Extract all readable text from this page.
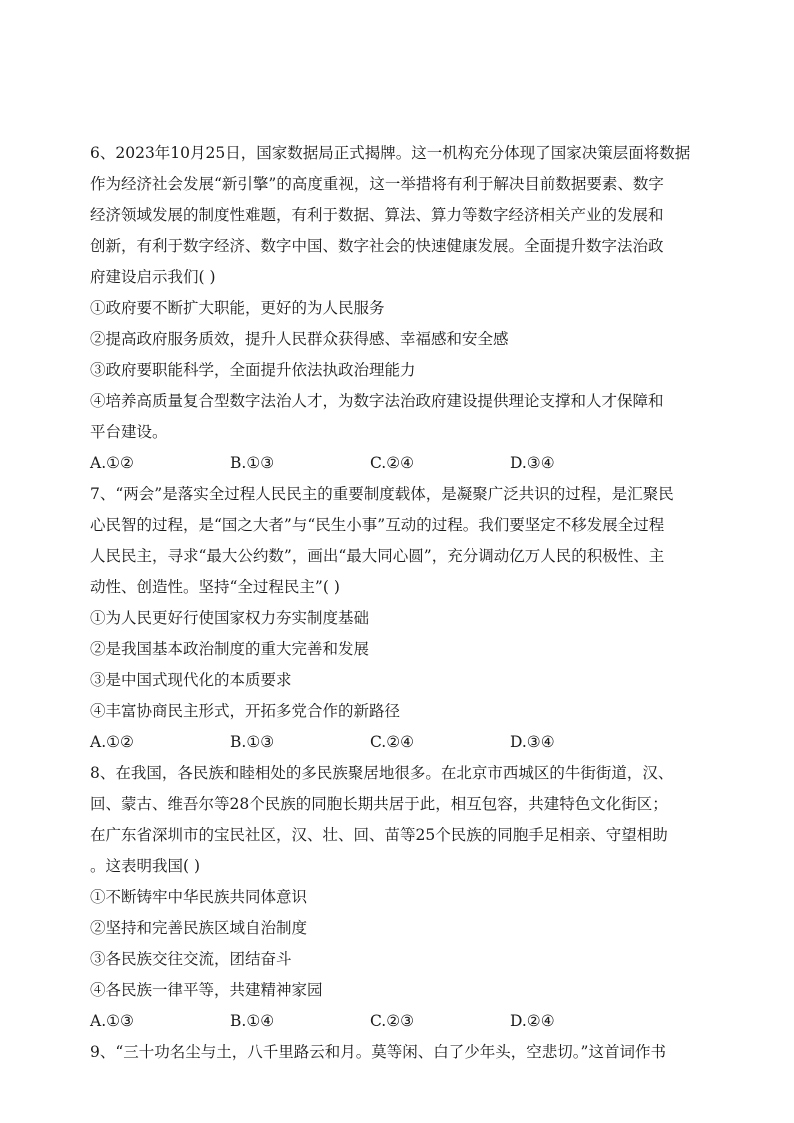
6、2023年10月25日，国家数据局正式揭牌。这一机构充分体现了国家决策层面将数据
作为经济社会发展“新引擎”的高度重视，这一举措将有利于解决目前数据要素、数字
经济领域发展的制度性难题，有利于数据、算法、算力等数字经济相关产业的发展和
创新，有利于数字经济、数字中国、数字社会的快速健康发展。全面提升数字法治政
府建设启示我们( )
①政府要不断扩大职能，更好的为人民服务
②提高政府服务质效，提升人民群众获得感、幸福感和安全感
③政府要职能科学，全面提升依法执政治理能力
④培养高质量复合型数字法治人才，为数字法治政府建设提供理论支撑和人才保障和
平台建设。
A.①②	B.①③	C.②④	D.③④
7、“两会”是落实全过程人民民主的重要制度载体，是凝聚广泛共识的过程，是汇聚民
心民智的过程，是“国之大者”与“民生小事”互动的过程。我们要坚定不移发展全过程
人民民主，寻求“最大公约数”，画出“最大同心圆”，充分调动亿万人民的积极性、主
动性、创造性。坚持“全过程民主”( )
①为人民更好行使国家权力夯实制度基础
②是我国基本政治制度的重大完善和发展
③是中国式现代化的本质要求
④丰富协商民主形式，开拓多党合作的新路径
A.①②	B.①③	C.②④	D.③④
8、在我国，各民族和睦相处的多民族聚居地很多。在北京市西城区的牛街街道，汉、
回、蒙古、维吾尔等28个民族的同胞长期共居于此，相互包容，共建特色文化街区；
在广东省深圳市的宝民社区，汉、壮、回、苗等25个民族的同胞手足相亲、守望相助
。这表明我国( )
①不断铸牢中华民族共同体意识
②坚持和完善民族区域自治制度
③各民族交往交流，团结奋斗
④各民族一律平等，共建精神家园
A.①③	B.①④	C.②③	D.②④
9、“三十功名尘与土，八千里路云和月。莫等闲、白了少年头，空悲切。”这首词作书
